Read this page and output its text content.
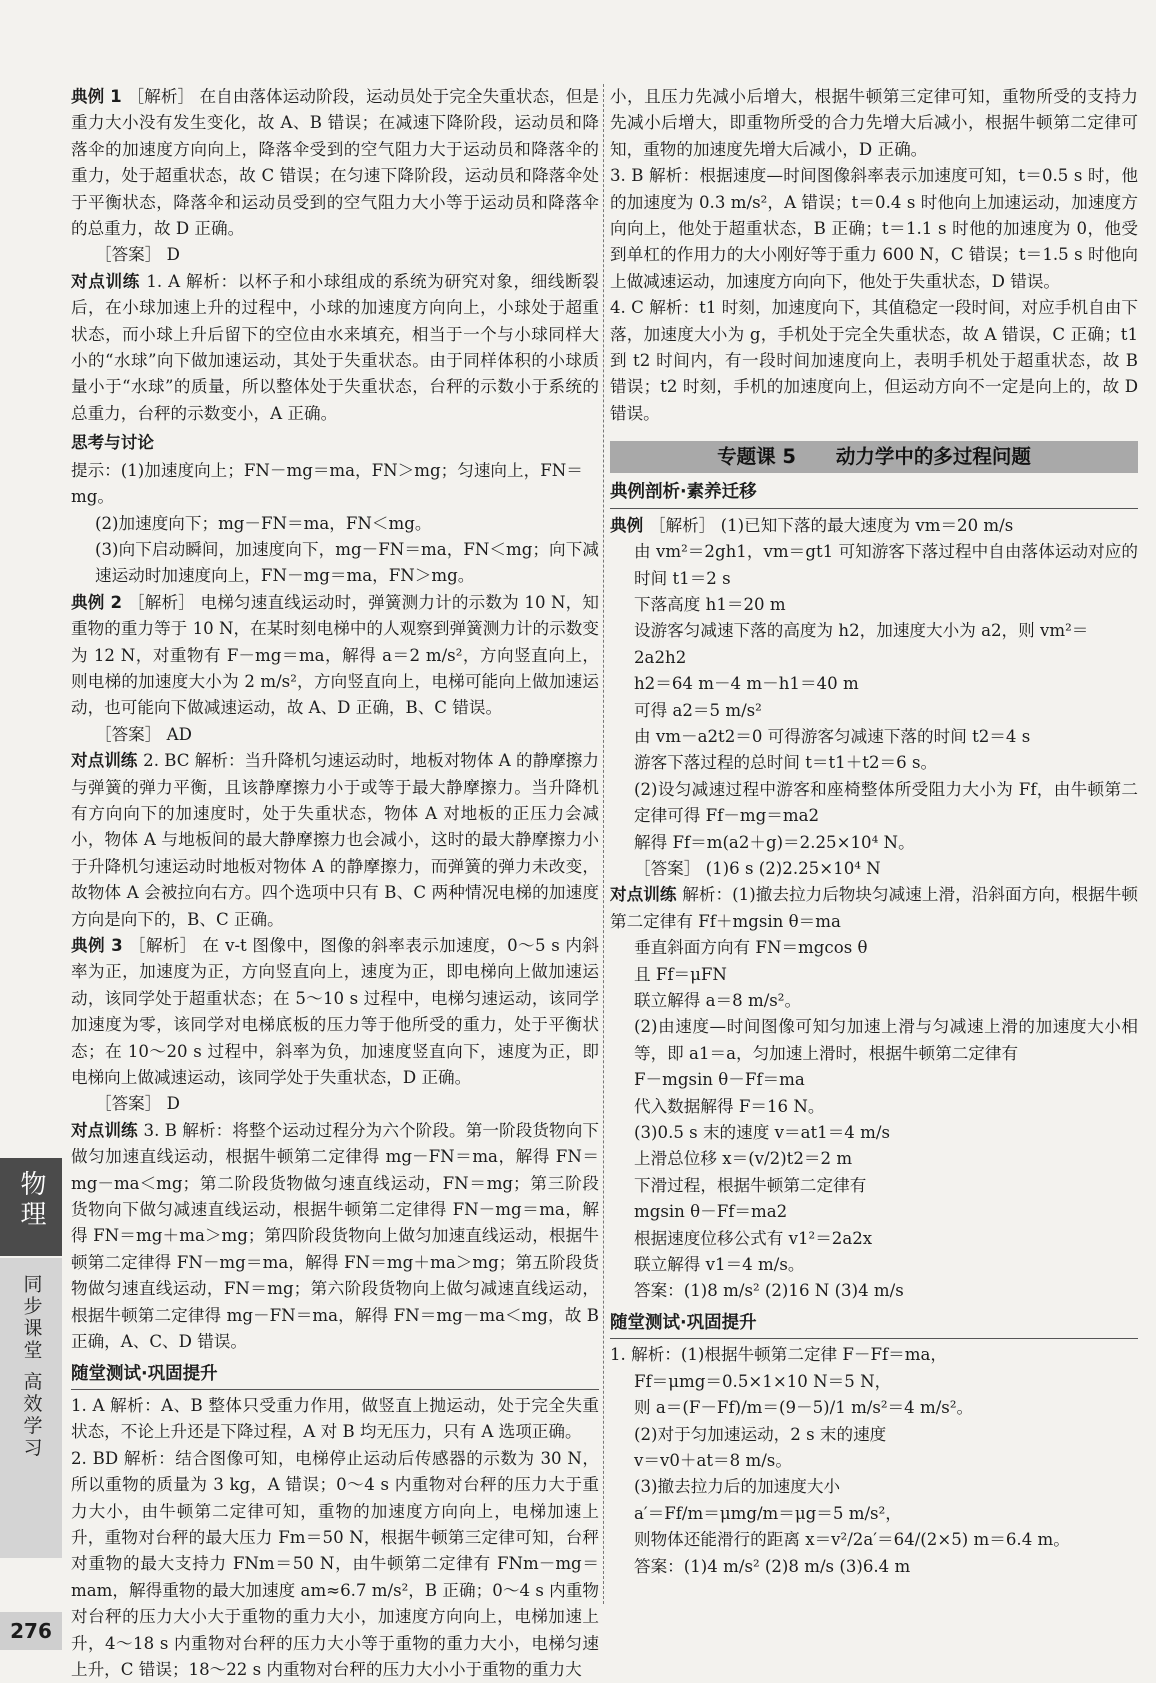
典例 1 ［解析］ 在自由落体运动阶段，运动员处于完全失重状态，但是重力大小没有发生变化，故 A、B 错误；在减速下降阶段，运动员和降落伞的加速度方向向上，降落伞受到的空气阻力大于运动员和降落伞的重力，处于超重状态，故 C 错误；在匀速下降阶段，运动员和降落伞处于平衡状态，降落伞和运动员受到的空气阻力大小等于运动员和降落伞的总重力，故 D 正确。
［答案］ D
对点训练 1. A 解析：以杯子和小球组成的系统为研究对象，细线断裂后，在小球加速上升的过程中，小球的加速度方向向上，小球处于超重状态，而小球上升后留下的空位由水来填充，相当于一个与小球同样大小的“水球”向下做加速运动，其处于失重状态。由于同样体积的小球质量小于“水球”的质量，所以整体处于失重状态，台秤的示数小于系统的总重力，台秤的示数变小，A 正确。
思考与讨论
提示：(1)加速度向上；FN－mg＝ma，FN＞mg；匀速向上，FN＝mg。
(2)加速度向下；mg－FN＝ma，FN＜mg。
(3)向下启动瞬间，加速度向下，mg－FN＝ma，FN＜mg；向下减速运动时加速度向上，FN－mg＝ma，FN＞mg。
典例 2 ［解析］ 电梯匀速直线运动时，弹簧测力计的示数为 10 N，知重物的重力等于 10 N，在某时刻电梯中的人观察到弹簧测力计的示数变为 12 N，对重物有 F－mg＝ma，解得 a＝2 m/s²，方向竖直向上，则电梯的加速度大小为 2 m/s²，方向竖直向上，电梯可能向上做加速运动，也可能向下做减速运动，故 A、D 正确，B、C 错误。
［答案］ AD
对点训练 2. BC 解析：当升降机匀速运动时，地板对物体 A 的静摩擦力与弹簧的弹力平衡，且该静摩擦力小于或等于最大静摩擦力。当升降机有方向向下的加速度时，处于失重状态，物体 A 对地板的正压力会减小，物体 A 与地板间的最大静摩擦力也会减小，这时的最大静摩擦力小于升降机匀速运动时地板对物体 A 的静摩擦力，而弹簧的弹力未改变，故物体 A 会被拉向右方。四个选项中只有 B、C 两种情况电梯的加速度方向是向下的，B、C 正确。
典例 3 ［解析］ 在 v-t 图像中，图像的斜率表示加速度，0～5 s 内斜率为正，加速度为正，方向竖直向上，速度为正，即电梯向上做加速运动，该同学处于超重状态；在 5～10 s 过程中，电梯匀速运动，该同学加速度为零，该同学对电梯底板的压力等于他所受的重力，处于平衡状态；在 10～20 s 过程中，斜率为负，加速度竖直向下，速度为正，即电梯向上做减速运动，该同学处于失重状态，D 正确。
［答案］ D
对点训练 3. B 解析：将整个运动过程分为六个阶段。第一阶段货物向下做匀加速直线运动，根据牛顿第二定律得 mg－FN＝ma，解得 FN＝mg－ma＜mg；第二阶段货物做匀速直线运动，FN＝mg；第三阶段货物向下做匀减速直线运动，根据牛顿第二定律得 FN－mg＝ma，解得 FN＝mg＋ma＞mg；第四阶段货物向上做匀加速直线运动，根据牛顿第二定律得 FN－mg＝ma，解得 FN＝mg＋ma＞mg；第五阶段货物做匀速直线运动，FN＝mg；第六阶段货物向上做匀减速直线运动，根据牛顿第二定律得 mg－FN＝ma，解得 FN＝mg－ma＜mg，故 B 正确，A、C、D 错误。
随堂测试·巩固提升
1. A 解析：A、B 整体只受重力作用，做竖直上抛运动，处于完全失重状态，不论上升还是下降过程，A 对 B 均无压力，只有 A 选项正确。
2. BD 解析：结合图像可知，电梯停止运动后传感器的示数为 30 N，所以重物的质量为 3 kg，A 错误；0～4 s 内重物对台秤的压力大于重力大小，由牛顿第二定律可知，重物的加速度方向向上，电梯加速上升，重物对台秤的最大压力 Fm＝50 N，根据牛顿第三定律可知，台秤对重物的最大支持力 FNm＝50 N，由牛顿第二定律有 FNm－mg＝mam，解得重物的最大加速度 am≈6.7 m/s²，B 正确；0～4 s 内重物对台秤的压力大小大于重物的重力大小，加速度方向向上，电梯加速上升，4～18 s 内重物对台秤的压力大小等于重物的重力大小，电梯匀速上升，C 错误；18～22 s 内重物对台秤的压力大小小于重物的重力大
小，且压力先减小后增大，根据牛顿第三定律可知，重物所受的支持力先减小后增大，即重物所受的合力先增大后减小，根据牛顿第二定律可知，重物的加速度先增大后减小，D 正确。
3. B 解析：根据速度—时间图像斜率表示加速度可知，t＝0.5 s 时，他的加速度为 0.3 m/s²，A 错误；t＝0.4 s 时他向上加速运动，加速度方向向上，他处于超重状态，B 正确；t＝1.1 s 时他的加速度为 0，他受到单杠的作用力的大小刚好等于重力 600 N，C 错误；t＝1.5 s 时他向上做减速运动，加速度方向向下，他处于失重状态，D 错误。
4. C 解析：t1 时刻，加速度向下，其值稳定一段时间，对应手机自由下落，加速度大小为 g，手机处于完全失重状态，故 A 错误，C 正确；t1 到 t2 时间内，有一段时间加速度向上，表明手机处于超重状态，故 B 错误；t2 时刻，手机的加速度向上，但运动方向不一定是向上的，故 D 错误。
专题课 5 动力学中的多过程问题
典例剖析·素养迁移
典例 ［解析］ (1)已知下落的最大速度为 vm＝20 m/s
由 vm²＝2gh1，vm＝gt1 可知游客下落过程中自由落体运动对应的时间 t1＝2 s
下落高度 h1＝20 m
设游客匀减速下落的高度为 h2，加速度大小为 a2，则 vm²＝2a2h2
h2＝64 m－4 m－h1＝40 m
可得 a2＝5 m/s²
由 vm－a2t2＝0 可得游客匀减速下落的时间 t2＝4 s
游客下落过程的总时间 t＝t1＋t2＝6 s。
(2)设匀减速过程中游客和座椅整体所受阻力大小为 Ff，由牛顿第二定律可得 Ff－mg＝ma2
解得 Ff＝m(a2＋g)＝2.25×10⁴ N。
［答案］ (1)6 s (2)2.25×10⁴ N
对点训练 解析：(1)撤去拉力后物块匀减速上滑，沿斜面方向，根据牛顿第二定律有 Ff＋mgsin θ＝ma
垂直斜面方向有 FN＝mgcos θ
且 Ff＝μFN
联立解得 a＝8 m/s²。
(2)由速度—时间图像可知匀加速上滑与匀减速上滑的加速度大小相等，即 a1＝a，匀加速上滑时，根据牛顿第二定律有
F－mgsin θ－Ff＝ma
代入数据解得 F＝16 N。
(3)0.5 s 末的速度 v＝at1＝4 m/s
上滑总位移 x＝(v/2)t2＝2 m
下滑过程，根据牛顿第二定律有
mgsin θ－Ff＝ma2
根据速度位移公式有 v1²＝2a2x
联立解得 v1＝4 m/s。
答案：(1)8 m/s² (2)16 N (3)4 m/s
随堂测试·巩固提升
1. 解析：(1)根据牛顿第二定律 F－Ff＝ma，
Ff＝μmg＝0.5×1×10 N＝5 N，
则 a＝(F－Ff)/m＝(9－5)/1 m/s²＝4 m/s²。
(2)对于匀加速运动，2 s 末的速度
v＝v0＋at＝8 m/s。
(3)撤去拉力后的加速度大小
a′＝Ff/m＝μmg/m＝μg＝5 m/s²，
则物体还能滑行的距离 x＝v²/2a′＝64/(2×5) m＝6.4 m。
答案：(1)4 m/s² (2)8 m/s (3)6.4 m
物理
同步课堂 高效学习
276
